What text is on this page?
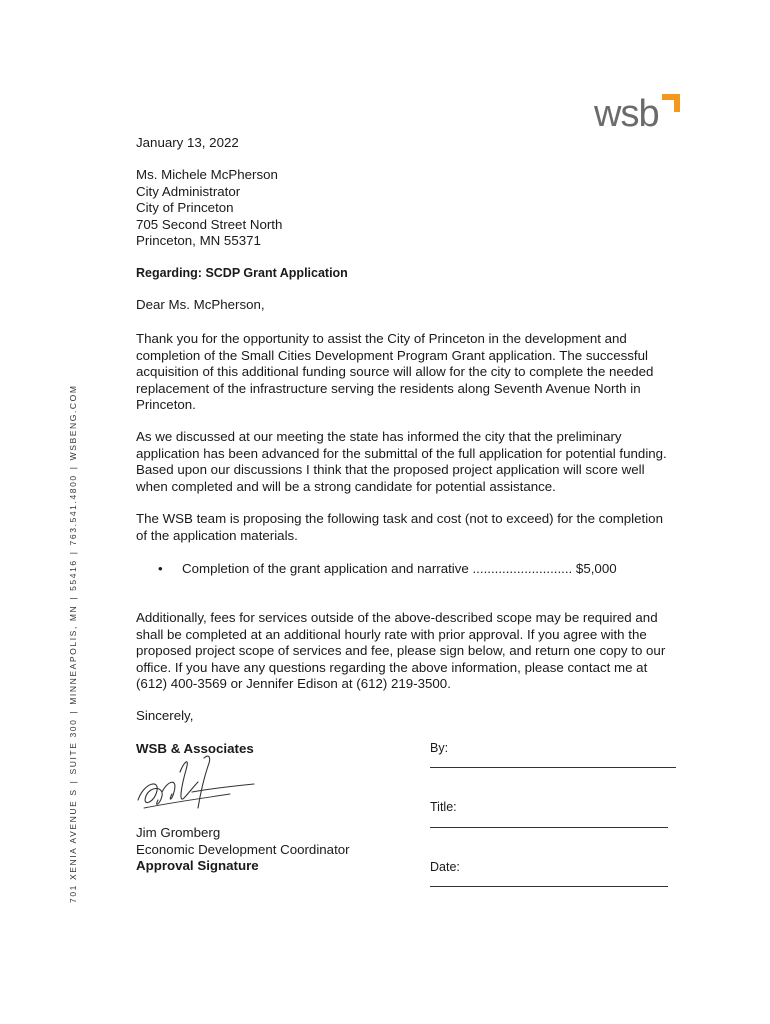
wsb
701 XENIA AVENUE S|SUITE 300|MINNEAPOLIS, MN|55416|763.541.4800|WSBENG.COM
January 13, 2022
Ms. Michele McPherson
City Administrator
City of Princeton
705 Second Street North
Princeton, MN 55371
Regarding: SCDP Grant Application
Dear Ms. McPherson,
Thank you for the opportunity to assist the City of Princeton in the development and completion of the Small Cities Development Program Grant application. The successful acquisition of this additional funding source will allow for the city to complete the needed replacement of the infrastructure serving the residents along Seventh Avenue North in Princeton.
As we discussed at our meeting the state has informed the city that the preliminary application has been advanced for the submittal of the full application for potential funding. Based upon our discussions I think that the proposed project application will score well when completed and will be a strong candidate for potential assistance.
The WSB team is proposing the following task and cost (not to exceed) for the completion of the application materials.
• Completion of the grant application and narrative ........................... $5,000
Additionally, fees for services outside of the above-described scope may be required and shall be completed at an additional hourly rate with prior approval. If you agree with the proposed project scope of services and fee, please sign below, and return one copy to our office. If you have any questions regarding the above information, please contact me at (612) 400-3569 or Jennifer Edison at (612) 219-3500.
Sincerely,
WSB & Associates
Jim Gromberg
Economic Development Coordinator
Approval Signature
By:
Title:
Date:
